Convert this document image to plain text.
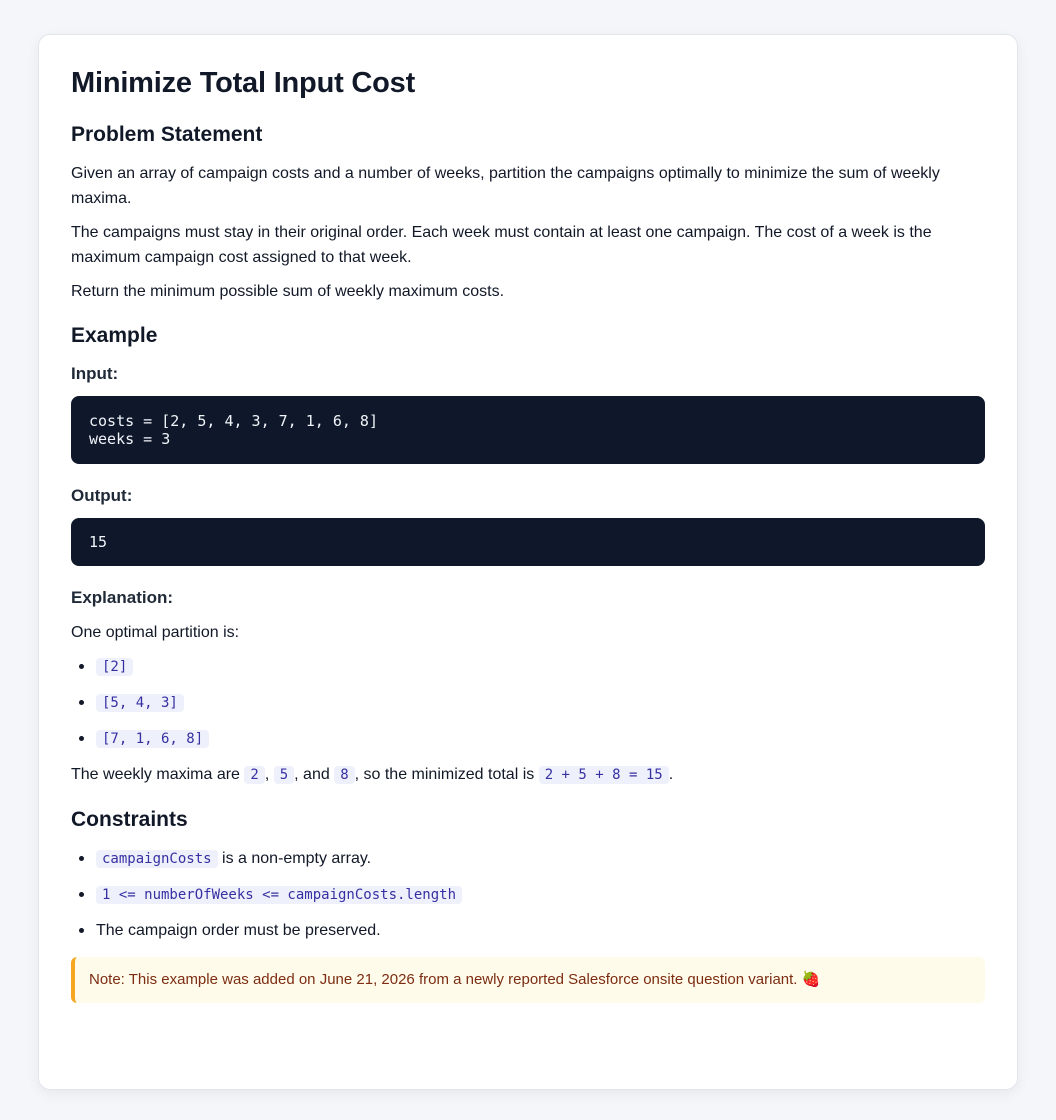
Minimize Total Input Cost
Problem Statement

Given an array of campaign costs and a number of weeks, partition the campaigns optimally to minimize the sum of weekly maxima.

The campaigns must stay in their original order. Each week must contain at least one campaign. The cost of a week is the maximum campaign cost assigned to that week.

Return the minimum possible sum of weekly maximum costs.

Example
Input:
costs = [2, 5, 4, 3, 7, 1, 6, 8]
weeks = 3
Output:
15
Explanation:

One optimal partition is:

[2]
[5, 4, 3]
[7, 1, 6, 8]

The weekly maxima are 2 , 5 , and 8 , so the minimized total is 2 + 5 + 8 = 15 .

Constraints
campaignCosts is a non-empty array.
1 <= numberOfWeeks <= campaignCosts.length
The campaign order must be preserved.
Note: This example was added on June 21, 2026 from a newly reported Salesforce onsite question variant. 🍓
